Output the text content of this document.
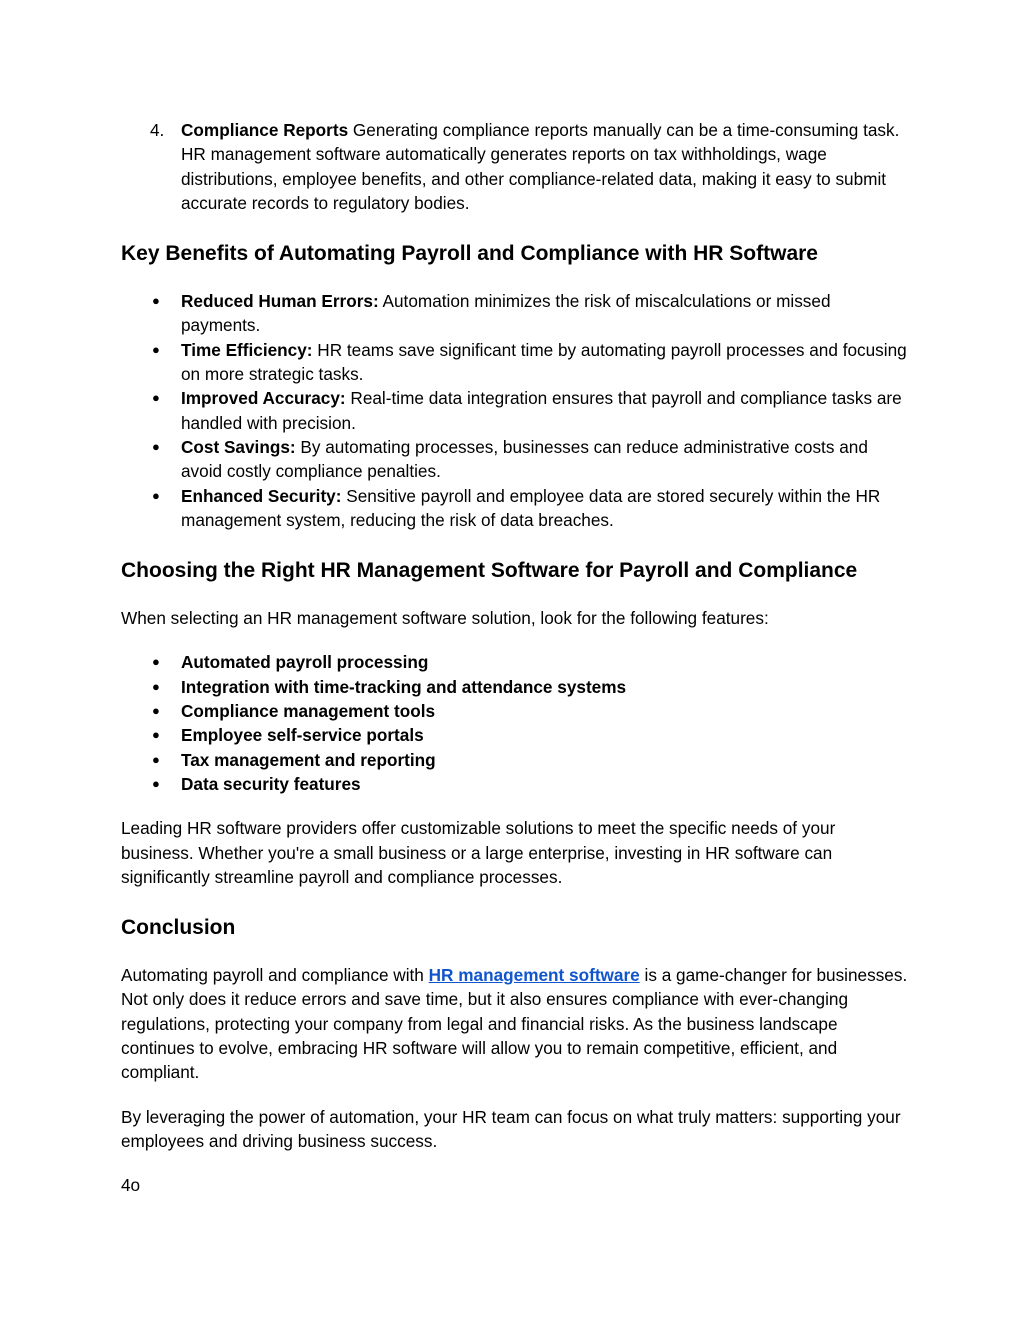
4. Compliance Reports Generating compliance reports manually can be a time-consuming task. HR management software automatically generates reports on tax withholdings, wage distributions, employee benefits, and other compliance-related data, making it easy to submit accurate records to regulatory bodies.
Key Benefits of Automating Payroll and Compliance with HR Software
● Reduced Human Errors: Automation minimizes the risk of miscalculations or missed payments.
● Time Efficiency: HR teams save significant time by automating payroll processes and focusing on more strategic tasks.
● Improved Accuracy: Real-time data integration ensures that payroll and compliance tasks are handled with precision.
● Cost Savings: By automating processes, businesses can reduce administrative costs and avoid costly compliance penalties.
● Enhanced Security: Sensitive payroll and employee data are stored securely within the HR management system, reducing the risk of data breaches.
Choosing the Right HR Management Software for Payroll and Compliance

When selecting an HR management software solution, look for the following features:

● Automated payroll processing
● Integration with time-tracking and attendance systems
● Compliance management tools
● Employee self-service portals
● Tax management and reporting
● Data security features

Leading HR software providers offer customizable solutions to meet the specific needs of your business. Whether you're a small business or a large enterprise, investing in HR software can significantly streamline payroll and compliance processes.

Conclusion

Automating payroll and compliance with HR management software is a game-changer for businesses. Not only does it reduce errors and save time, but it also ensures compliance with ever-changing regulations, protecting your company from legal and financial risks. As the business landscape continues to evolve, embracing HR software will allow you to remain competitive, efficient, and compliant.

By leveraging the power of automation, your HR team can focus on what truly matters: supporting your employees and driving business success.

4o
